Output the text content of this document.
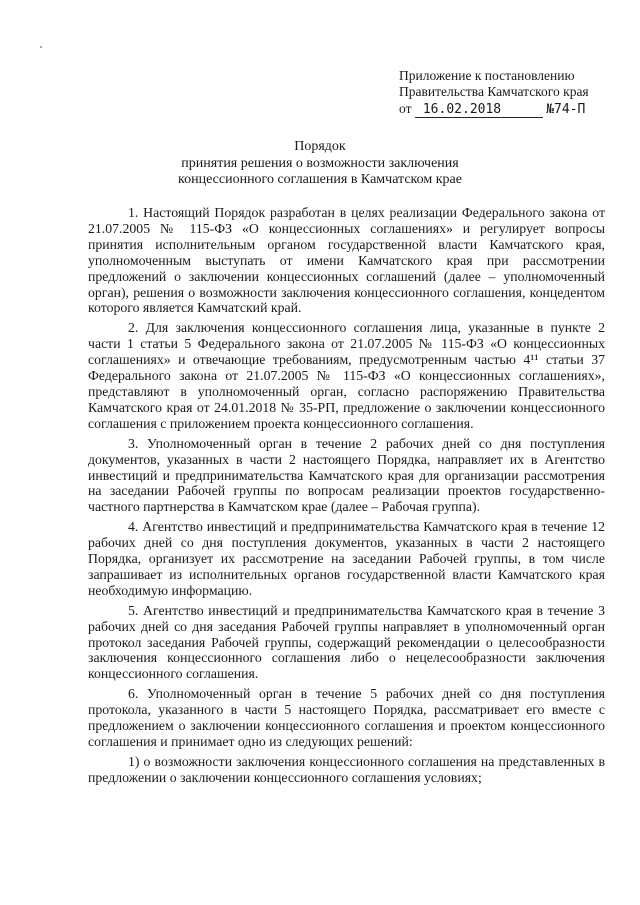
Приложение к постановлению
Правительства Камчатского края
от 16.02.2018	№74-П
Порядок
принятия решения о возможности заключения
концессионного соглашения в Камчатском крае

1. Настоящий Порядок разработан в целях реализации Федерального закона от 21.07.2005 № 115-ФЗ «О концессионных соглашениях» и регулирует вопросы принятия исполнительным органом государственной власти Камчатского края, уполномоченным выступать от имени Камчатского края при рассмотрении предложений о заключении концессионных соглашений (далее – уполномоченный орган), решения о возможности заключения концессионного соглашения, концедентом которого является Камчатский край.

2. Для заключения концессионного соглашения лица, указанные в пункте 2 части 1 статьи 5 Федерального закона от 21.07.2005 № 115-ФЗ «О концессионных соглашениях» и отвечающие требованиям, предусмотренным частью 4¹¹ статьи 37 Федерального закона от 21.07.2005 № 115-ФЗ «О концессионных соглашениях», представляют в уполномоченный орган, согласно распоряжению Правительства Камчатского края от 24.01.2018 № 35-РП, предложение о заключении концессионного соглашения с приложением проекта концессионного соглашения.

3. Уполномоченный орган в течение 2 рабочих дней со дня поступления документов, указанных в части 2 настоящего Порядка, направляет их в Агентство инвестиций и предпринимательства Камчатского края для организации рассмотрения на заседании Рабочей группы по вопросам реализации проектов государственно-частного партнерства в Камчатском крае (далее – Рабочая группа).

4. Агентство инвестиций и предпринимательства Камчатского края в течение 12 рабочих дней со дня поступления документов, указанных в части 2 настоящего Порядка, организует их рассмотрение на заседании Рабочей группы, в том числе запрашивает из исполнительных органов государственной власти Камчатского края необходимую информацию.

5. Агентство инвестиций и предпринимательства Камчатского края в течение 3 рабочих дней со дня заседания Рабочей группы направляет в уполномоченный орган протокол заседания Рабочей группы, содержащий рекомендации о целесообразности заключения концессионного соглашения либо о нецелесообразности заключения концессионного соглашения.

6. Уполномоченный орган в течение 5 рабочих дней со дня поступления протокола, указанного в части 5 настоящего Порядка, рассматривает его вместе с предложением о заключении концессионного соглашения и проектом концессионного соглашения и принимает одно из следующих решений:

1) о возможности заключения концессионного соглашения на представленных в предложении о заключении концессионного соглашения условиях;
